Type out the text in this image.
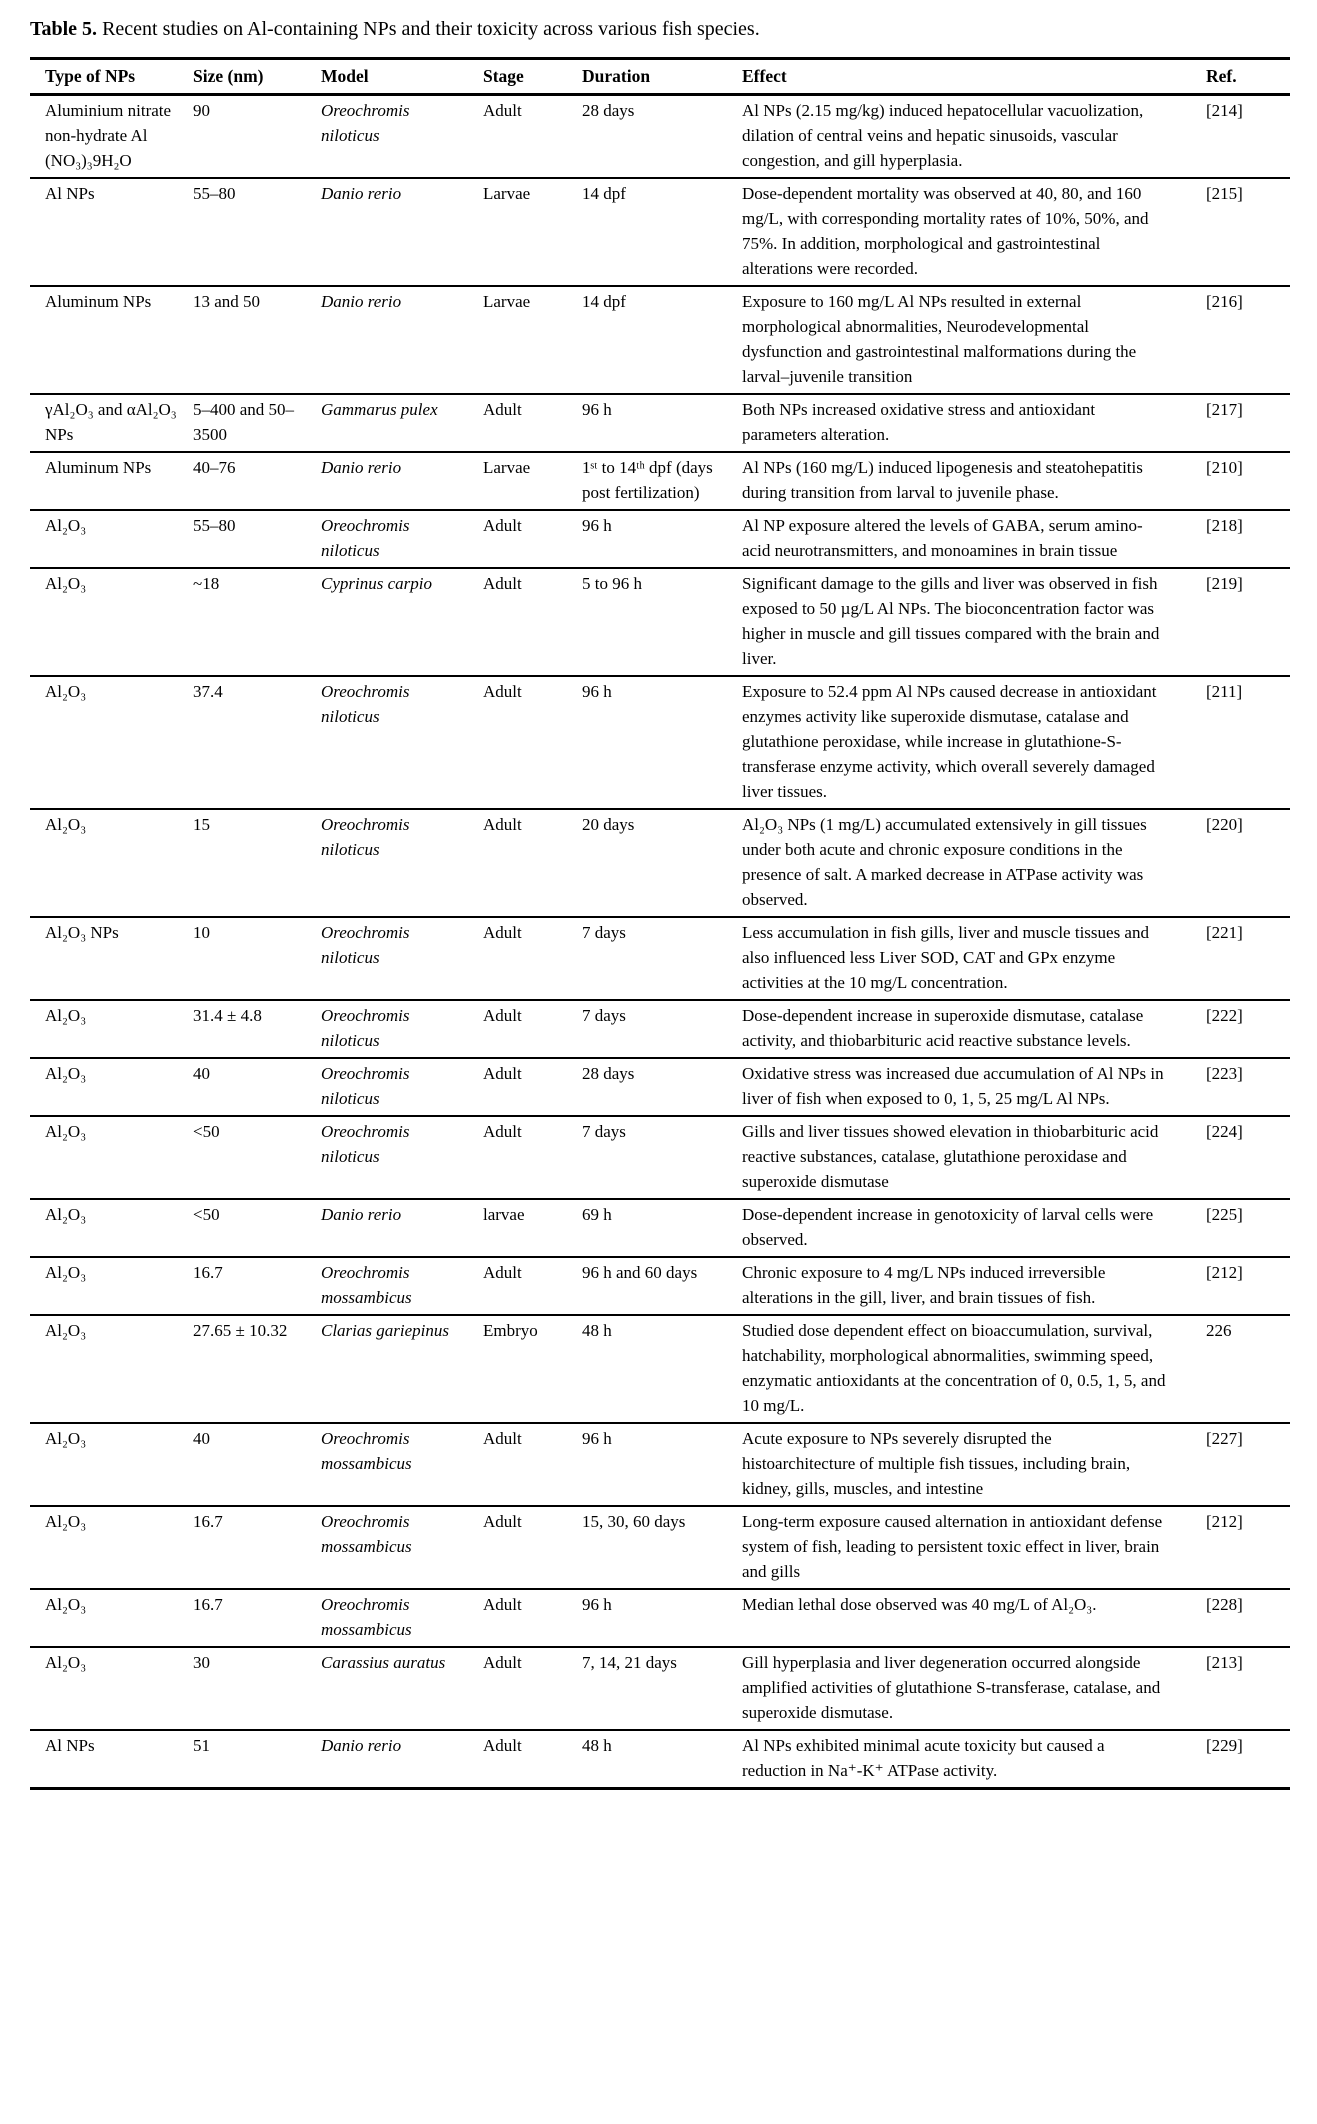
Table 5. Recent studies on Al-containing NPs and their toxicity across various fish species.

Type of NPs	Size (nm)	Model	Stage	Duration	Effect	Ref.
Aluminium nitrate non-hydrate Al (NO₃)₃9H₂O	90	Oreochromis niloticus	Adult	28 days	Al NPs (2.15 mg/kg) induced hepatocellular vacuolization, dilation of central veins and hepatic sinusoids, vascular congestion, and gill hyperplasia.	[214]
Al NPs	55–80	Danio rerio	Larvae	14 dpf	Dose-dependent mortality was observed at 40, 80, and 160 mg/L, with corresponding mortality rates of 10%, 50%, and 75%. In addition, morphological and gastrointestinal alterations were recorded.	[215]
Aluminum NPs	13 and 50	Danio rerio	Larvae	14 dpf	Exposure to 160 mg/L Al NPs resulted in external morphological abnormalities, Neurodevelopmental dysfunction and gastrointestinal malformations during the larval–juvenile transition	[216]
γAl₂O₃ and αAl₂O₃ NPs	5–400 and 50–3500	Gammarus pulex	Adult	96 h	Both NPs increased oxidative stress and antioxidant parameters alteration.	[217]
Aluminum NPs	40–76	Danio rerio	Larvae	1ˢᵗ to 14ᵗʰ dpf (days post fertilization)	Al NPs (160 mg/L) induced lipogenesis and steatohepatitis during transition from larval to juvenile phase.	[210]
Al₂O₃	55–80	Oreochromis niloticus	Adult	96 h	Al NP exposure altered the levels of GABA, serum amino-acid neurotransmitters, and monoamines in brain tissue	[218]
Al₂O₃	~18	Cyprinus carpio	Adult	5 to 96 h	Significant damage to the gills and liver was observed in fish exposed to 50 µg/L Al NPs. The bioconcentration factor was higher in muscle and gill tissues compared with the brain and liver.	[219]
Al₂O₃	37.4	Oreochromis niloticus	Adult	96 h	Exposure to 52.4 ppm Al NPs caused decrease in antioxidant enzymes activity like superoxide dismutase, catalase and glutathione peroxidase, while increase in glutathione-S-transferase enzyme activity, which overall severely damaged liver tissues.	[211]
Al₂O₃	15	Oreochromis niloticus	Adult	20 days	Al₂O₃ NPs (1 mg/L) accumulated extensively in gill tissues under both acute and chronic exposure conditions in the presence of salt. A marked decrease in ATPase activity was observed.	[220]
Al₂O₃ NPs	10	Oreochromis niloticus	Adult	7 days	Less accumulation in fish gills, liver and muscle tissues and also influenced less Liver SOD, CAT and GPx enzyme activities at the 10 mg/L concentration.	[221]
Al₂O₃	31.4 ± 4.8	Oreochromis niloticus	Adult	7 days	Dose-dependent increase in superoxide dismutase, catalase activity, and thiobarbituric acid reactive substance levels.	[222]
Al₂O₃	40	Oreochromis niloticus	Adult	28 days	Oxidative stress was increased due accumulation of Al NPs in liver of fish when exposed to 0, 1, 5, 25 mg/L Al NPs.	[223]
Al₂O₃	<50	Oreochromis niloticus	Adult	7 days	Gills and liver tissues showed elevation in thiobarbituric acid reactive substances, catalase, glutathione peroxidase and superoxide dismutase	[224]
Al₂O₃	<50	Danio rerio	larvae	69 h	Dose-dependent increase in genotoxicity of larval cells were observed.	[225]
Al₂O₃	16.7	Oreochromis mossambicus	Adult	96 h and 60 days	Chronic exposure to 4 mg/L NPs induced irreversible alterations in the gill, liver, and brain tissues of fish.	[212]
Al₂O₃	27.65 ± 10.32	Clarias gariepinus	Embryo	48 h	Studied dose dependent effect on bioaccumulation, survival, hatchability, morphological abnormalities, swimming speed, enzymatic antioxidants at the concentration of 0, 0.5, 1, 5, and 10 mg/L.	226
Al₂O₃	40	Oreochromis mossambicus	Adult	96 h	Acute exposure to NPs severely disrupted the histoarchitecture of multiple fish tissues, including brain, kidney, gills, muscles, and intestine	[227]
Al₂O₃	16.7	Oreochromis mossambicus	Adult	15, 30, 60 days	Long-term exposure caused alternation in antioxidant defense system of fish, leading to persistent toxic effect in liver, brain and gills	[212]
Al₂O₃	16.7	Oreochromis mossambicus	Adult	96 h	Median lethal dose observed was 40 mg/L of Al₂O₃.	[228]
Al₂O₃	30	Carassius auratus	Adult	7, 14, 21 days	Gill hyperplasia and liver degeneration occurred alongside amplified activities of glutathione S-transferase, catalase, and superoxide dismutase.	[213]
Al NPs	51	Danio rerio	Adult	48 h	Al NPs exhibited minimal acute toxicity but caused a reduction in Na⁺-K⁺ ATPase activity.	[229]
